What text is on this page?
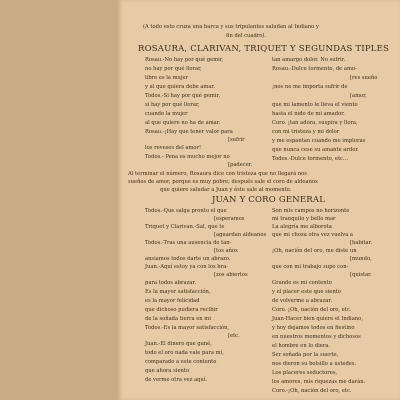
(A todo esto cruza una barca y sus tripulantes saludan al Indiano y
fin del cuadro).
ROSAURA, CLARIVAN, TRIQUET Y SEGUNDAS TIPLES
Rosau.-No hay por qué gemir,
no hay por qué llorar,
libre es la mujer
y al que quiera debe amar.
Todos.-Si hay por qué gemir,
si hay por qué llorar,
cuando la mujer
al que quiere no ha de amar.
Rosau.-¡Hay que tener valor para
[sufrir
los reveses del amor!
Todos.- Pena es mucho mejor no
[padecer.
tan amargo dolor. No sufrir.
Rosau.-Dulce tormento, de amo-
[res sueño
¡nos no me importa sufrir de
[amor,
que mi lamento le lleva el viento
hasta el nido de mi amador.
Coro. ¡tan adora, suspira y llora,
con mi tristeza y mi dolor
y me espantan cuando me imploras
que nunca cese su amante ardor.
Todos.-Dulce tormento, etc...
Al terminar el número, Rosaura dice con tristeza que no llegará nos
sueños de amor, porque es muy pobre; después sale el coro de aldeanos
que quiere saludar a Juan y éste sale al momento.
JUAN Y CORO GENERAL
Todos.-Que salga pronto el que
[esperamos
Triquet y Clarivan.-Sal, que te
[aguardan aldeanos
Todos.-Tras una ausencia de tan-
[tos años
ansiamos todos darte un abrazo.
Juan.-Aquí estoy ya con los bra-
[zos abiertos
para todos abrazar.
Es la mayor satisfacción,
es la mayor felicidad
que dichoso pudiera recibir
de la soñada tierra en mi
Todos.-Es la mayor satisfacción,
[etc.
Juan.-El dinero que gané,
todo el oro nada vale para mí,
comparado a este contento
que ahora siento
de verme otra vez aquí.
Son mis campos no horizonte
mi tranquilo y bello mar
La alegría me alborota
que mi choza otra vez vuelva a
[habitar.
¡Oh, nación del oro, me diste un
[mundo,
que con mi trabajo supo con-
[quistar.
Grande es mi contento
y el placer este que siento
de volverme a abrazar.
Coro. ¡Oh, nación del oro, etc.
Juan-Hacer bien quiere el Indiano,
y hoy dejamos todos en fiestino
en nuestros momentos y dichosos
el hombre en lo diera.
Ser soñada por la suerte,
nos dieron su bolsillo a ustedes.
Los placeres seductores,
los amores, mis riquezas me darán.
Coro.-¡Oh, nación del oro, etc.
